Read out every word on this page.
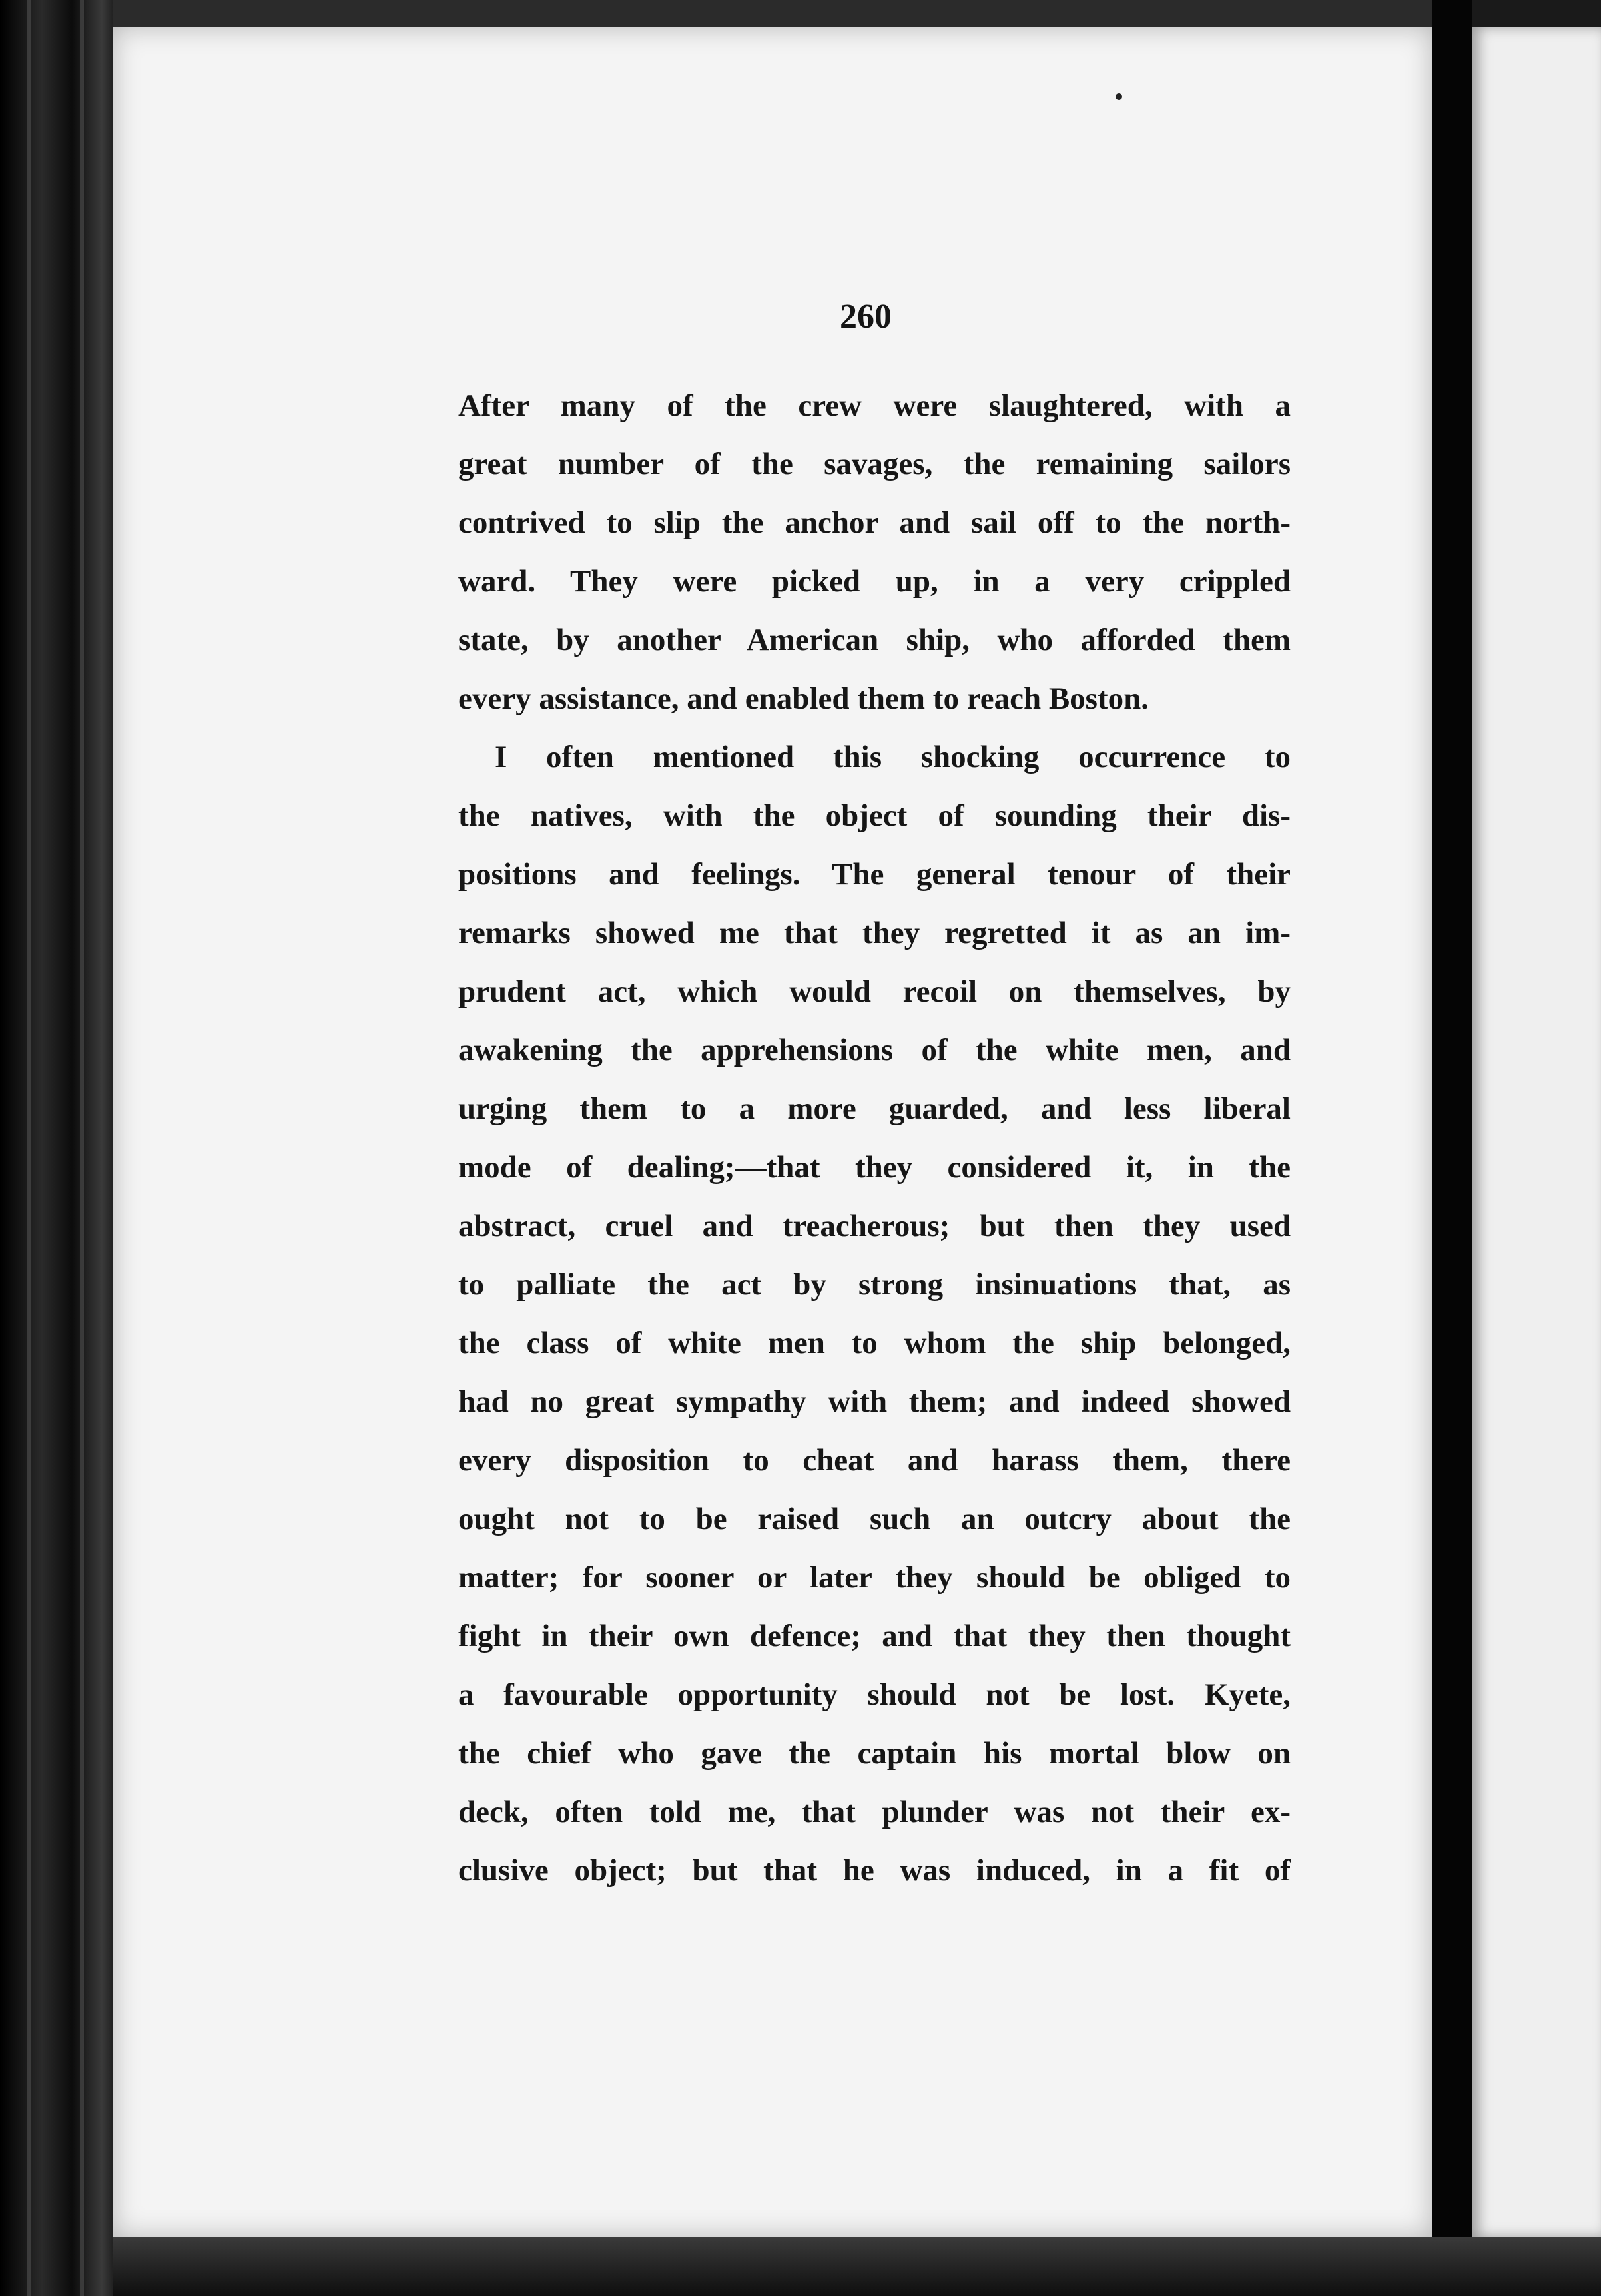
260
After many of the crew were slaughtered, with a
great number of the savages, the remaining sailors
contrived to slip the anchor and sail off to the north-
ward. They were picked up, in a very crippled
state, by another American ship, who afforded them
every assistance, and enabled them to reach Boston.
I often mentioned this shocking occurrence to
the natives, with the object of sounding their dis-
positions and feelings. The general tenour of their
remarks showed me that they regretted it as an im-
prudent act, which would recoil on themselves, by
awakening the apprehensions of the white men, and
urging them to a more guarded, and less liberal
mode of dealing;—that they considered it, in the
abstract, cruel and treacherous; but then they used
to palliate the act by strong insinuations that, as
the class of white men to whom the ship belonged,
had no great sympathy with them; and indeed showed
every disposition to cheat and harass them, there
ought not to be raised such an outcry about the
matter; for sooner or later they should be obliged to
fight in their own defence; and that they then thought
a favourable opportunity should not be lost. Kyete,
the chief who gave the captain his mortal blow on
deck, often told me, that plunder was not their ex-
clusive object; but that he was induced, in a fit of
